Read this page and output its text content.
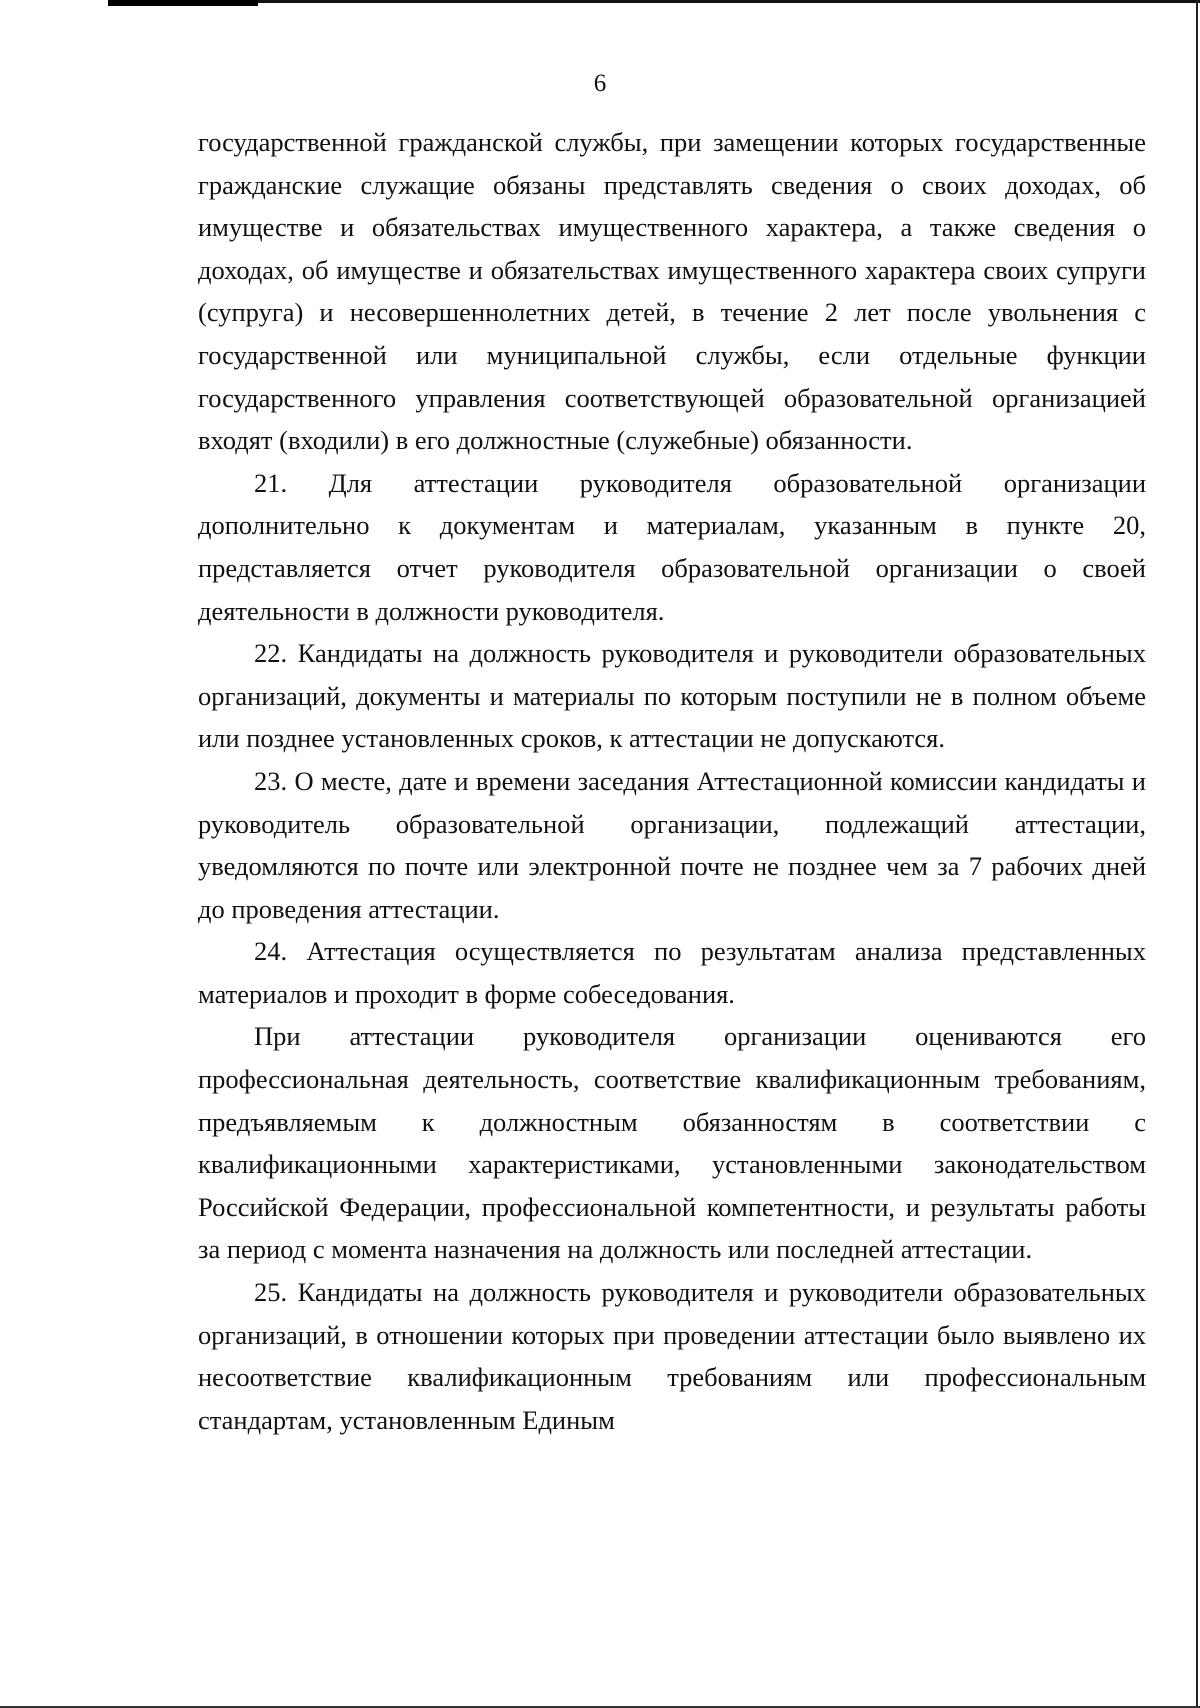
6

государственной гражданской службы, при замещении которых государственные гражданские служащие обязаны представлять сведения о своих доходах, об имуществе и обязательствах имущественного характера, а также сведения о доходах, об имуществе и обязательствах имущественного характера своих супруги (супруга) и несовершеннолетних детей, в течение 2 лет после увольнения с государственной или муниципальной службы, если отдельные функции государственного управления соответствующей образовательной организацией входят (входили) в его должностные (служебные) обязанности.

21. Для аттестации руководителя образовательной организации дополнительно к документам и материалам, указанным в пункте 20, представляется отчет руководителя образовательной организации о своей деятельности в должности руководителя.

22. Кандидаты на должность руководителя и руководители образовательных организаций, документы и материалы по которым поступили не в полном объеме или позднее установленных сроков, к аттестации не допускаются.

23. О месте, дате и времени заседания Аттестационной комиссии кандидаты и руководитель образовательной организации, подлежащий аттестации, уведомляются по почте или электронной почте не позднее чем за 7 рабочих дней до проведения аттестации.

24. Аттестация осуществляется по результатам анализа представленных материалов и проходит в форме собеседования.

При аттестации руководителя организации оцениваются его профессиональная деятельность, соответствие квалификационным требованиям, предъявляемым к должностным обязанностям в соответствии с квалификационными характеристиками, установленными законодательством Российской Федерации, профессиональной компетентности, и результаты работы за период с момента назначения на должность или последней аттестации.

25. Кандидаты на должность руководителя и руководители образовательных организаций, в отношении которых при проведении аттестации было выявлено их несоответствие квалификационным требованиям или профессиональным стандартам, установленным Единым
